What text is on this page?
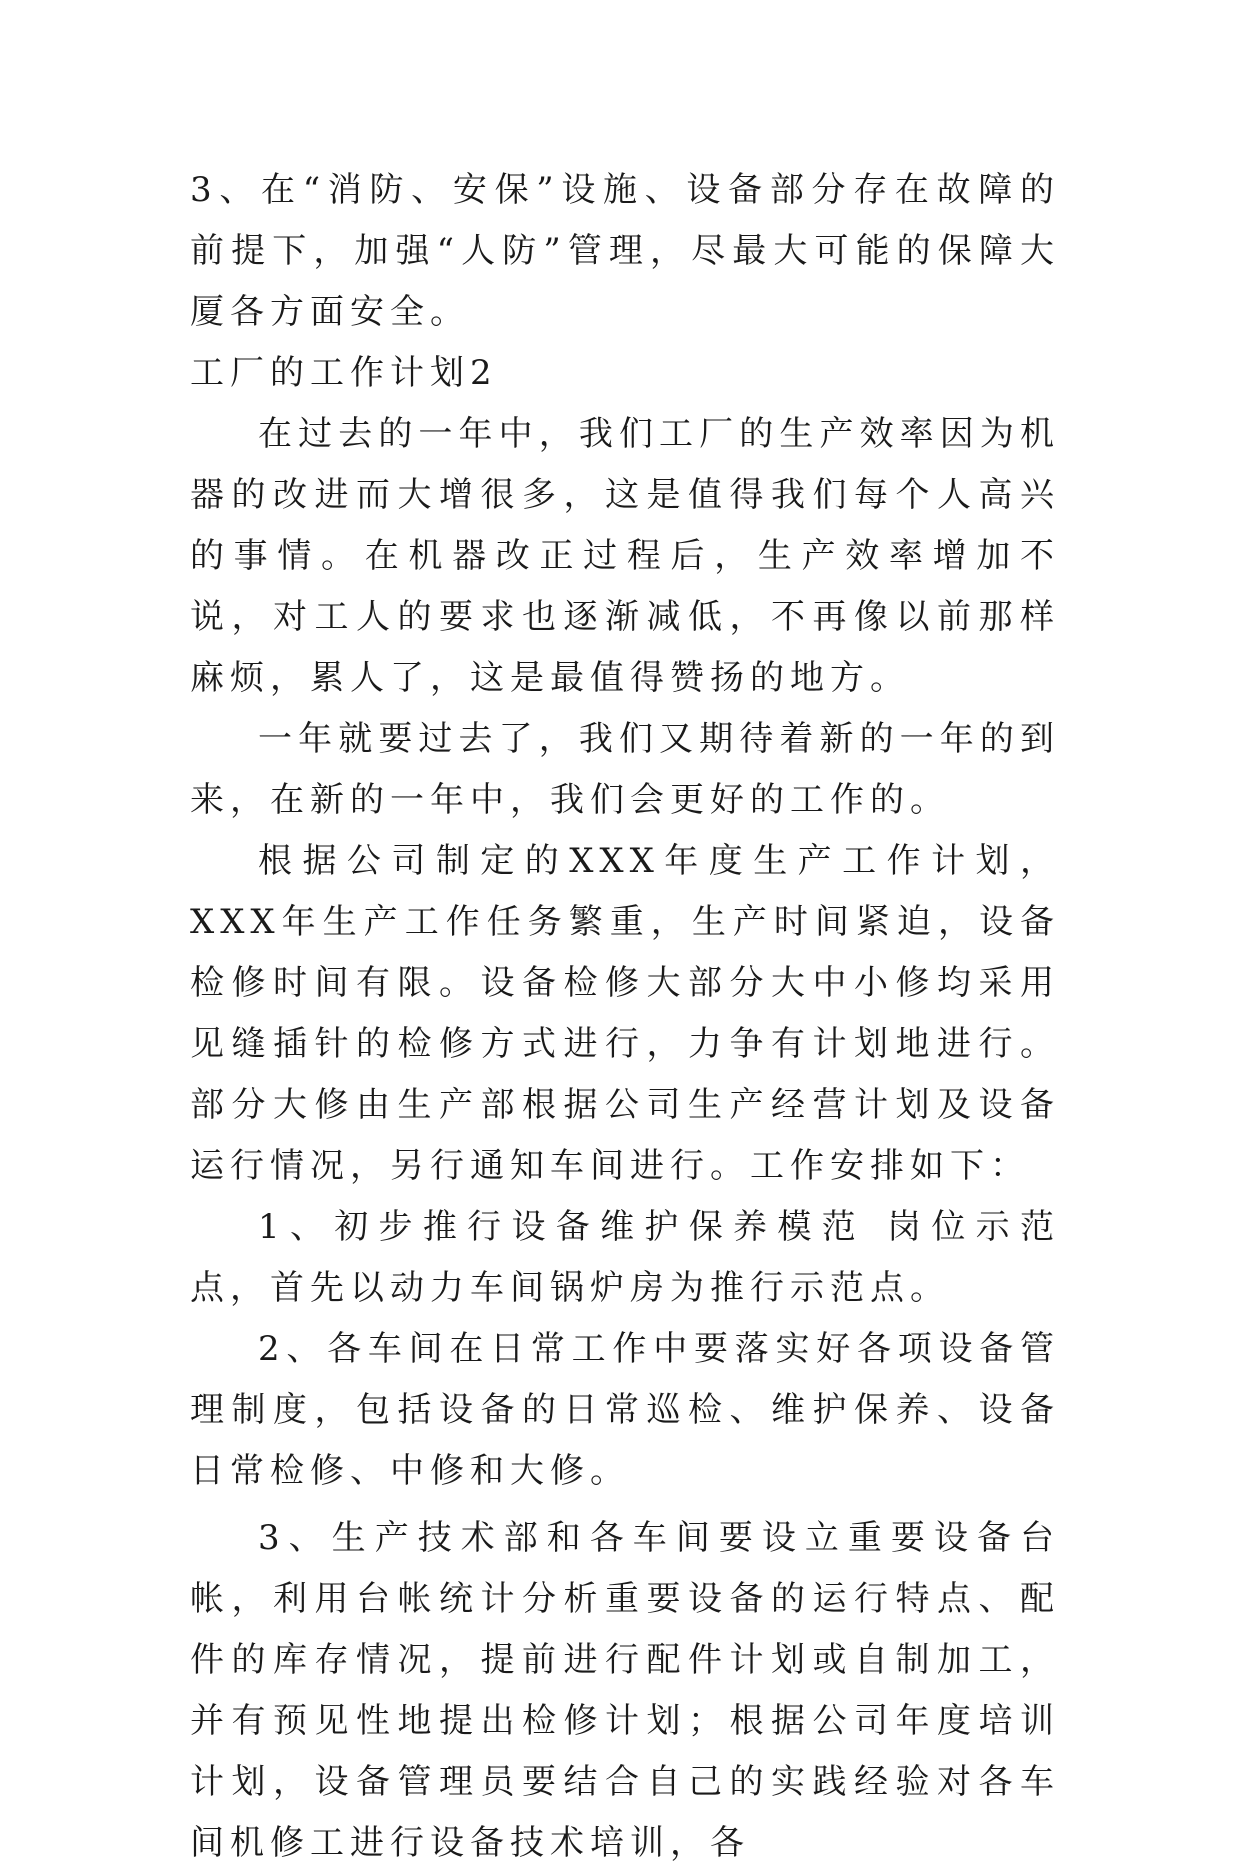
3、在“消防、安保”设施、设备部分存在故障的前提下，加强“人防”管理，尽最大可能的保障大厦各方面安全。

工厂的工作计划2

在过去的一年中，我们工厂的生产效率因为机器的改进而大增很多，这是值得我们每个人高兴的事情。在机器改正过程后，生产效率增加不说，对工人的要求也逐渐减低，不再像以前那样麻烦，累人了，这是最值得赞扬的地方。

一年就要过去了，我们又期待着新的一年的到来，在新的一年中，我们会更好的工作的。

根据公司制定的XXX年度生产工作计划，XXX年生产工作任务繁重，生产时间紧迫，设备检修时间有限。设备检修大部分大中小修均采用见缝插针的检修方式进行，力争有计划地进行。部分大修由生产部根据公司生产经营计划及设备运行情况，另行通知车间进行。工作安排如下：

1、初步推行设备维护保养模范 岗位示范点，首先以动力车间锅炉房为推行示范点。

2、各车间在日常工作中要落实好各项设备管理制度，包括设备的日常巡检、维护保养、设备日常检修、中修和大修。

3、生产技术部和各车间要设立重要设备台帐，利用台帐统计分析重要设备的运行特点、配件的库存情况，提前进行配件计划或自制加工，并有预见性地提出检修计划；根据公司年度培训计划，设备管理员要结合自己的实践经验对各车间机修工进行设备技术培训，各
